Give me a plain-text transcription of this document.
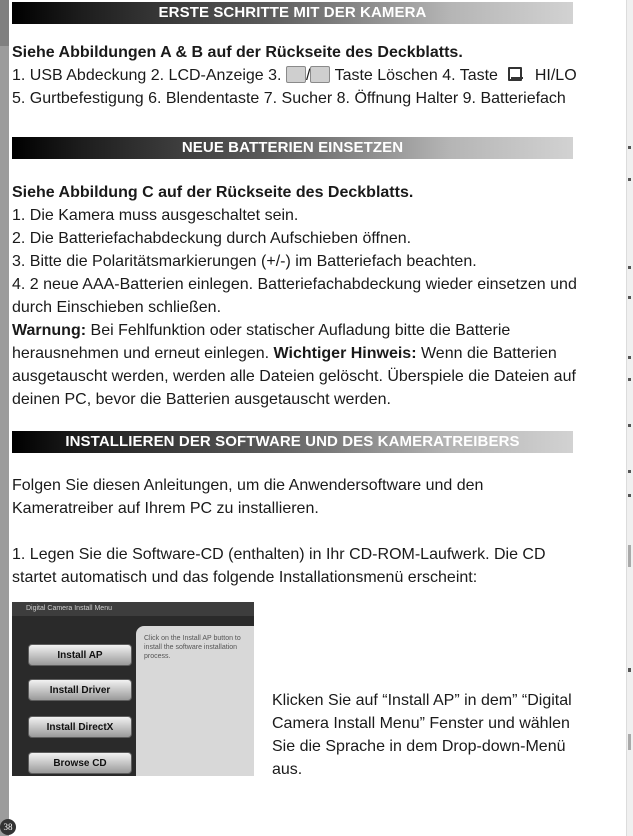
ERSTE SCHRITTE MIT DER KAMERA

Siehe Abbildungen A & B auf der Rückseite des Deckblatts.

1. USB Abdeckung 2. LCD-Anzeige 3. / Taste Löschen 4. Taste HI/LO

5. Gurtbefestigung 6. Blendentaste 7. Sucher 8. Öffnung Halter 9. Batteriefach

NEUE BATTERIEN EINSETZEN

Siehe Abbildung C auf der Rückseite des Deckblatts.

1. Die Kamera muss ausgeschaltet sein.

2. Die Batteriefachabdeckung durch Aufschieben öffnen.

3. Bitte die Polaritätsmarkierungen (+/-) im Batteriefach beachten.

4. 2 neue AAA-Batterien einlegen. Batteriefachabdeckung wieder einsetzen und durch Einschieben schließen.

Warnung: Bei Fehlfunktion oder statischer Aufladung bitte die Batterie herausnehmen und erneut einlegen. Wichtiger Hinweis: Wenn die Batterien ausgetauscht werden, werden alle Dateien gelöscht. Überspiele die Dateien auf deinen PC, bevor die Batterien ausgetauscht werden.

INSTALLIEREN DER SOFTWARE UND DES KAMERATREIBERS

Folgen Sie diesen Anleitungen, um die Anwendersoftware und den Kameratreiber auf Ihrem PC zu installieren.

1. Legen Sie die Software-CD (enthalten) in Ihr CD-ROM-Laufwerk. Die CD startet automatisch und das folgende Installationsmenü erscheint:

Digital Camera Install Menu
Click on the Install AP button to install the software installation process.
Install AP
Install Driver
Install DirectX
Browse CD
Klicken Sie auf “Install AP” in dem” “Digital Camera Install Menu” Fenster und wählen Sie die Sprache in dem Drop-down-Menü aus.
38
